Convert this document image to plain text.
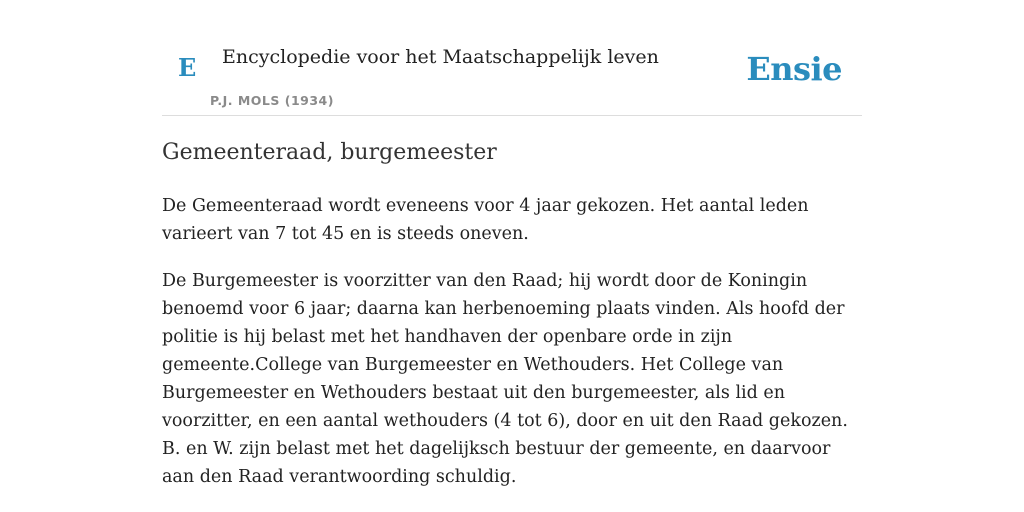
E Encyclopedie voor het Maatschappelijk leven
P.J. MOLS (1934)
Ensie
Gemeenteraad, burgemeester

De Gemeenteraad wordt eveneens voor 4 jaar gekozen. Het aantal leden varieert van 7 tot 45 en is steeds oneven.

De Burgemeester is voorzitter van den Raad; hij wordt door de Koningin benoemd voor 6 jaar; daarna kan herbenoeming plaats vinden. Als hoofd der politie is hij belast met het handhaven der openbare orde in zijn gemeente.College van Burgemeester en Wethouders. Het College van Burgemeester en Wethouders bestaat uit den burgemeester, als lid en voorzitter, en een aantal wethouders (4 tot 6), door en uit den Raad gekozen. B. en W. zijn belast met het dagelijksch bestuur der gemeente, en daarvoor aan den Raad verantwoording schuldig.
